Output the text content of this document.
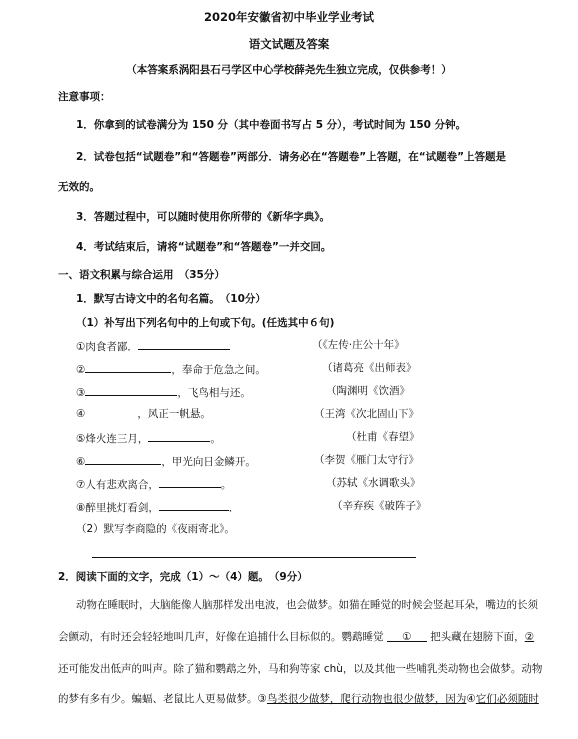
2020年安徽省初中毕业学业考试
语文试题及答案
（本答案系涡阳县石弓学区中心学校薛尧先生独立完成，仅供参考！）
注意事项：
1．你拿到的试卷满分为 150 分（其中卷面书写占 5 分），考试时间为 150 分钟。
2．试卷包括“试题卷”和“答题卷”两部分．请务必在“答题卷”上答题，在“试题卷”上答题是
无效的。
3．答题过程中，可以随时使用你所带的《新华字典》。
4．考试结束后，请将“试题卷”和“答题卷”一并交回。
一、语文积累与综合运用　（35分）
1．默写古诗文中的名句名篇。　（10分）
（1）补写出下列名句中的上句或下句。(任选其中６句)
①肉食者鄙．	（《左传·庄公十年》
②	，奉命于危急之间。	（诸葛亮《出师表》
③	，飞鸟相与还。	（陶渊明《饮酒》
④	，风正一帆悬。	（王湾《次北固山下》
⑤烽火连三月，	。	（杜甫《春望》
⑥	，甲光向日金鳞开。	（李贺《雁门太守行》
⑦人有悲欢离合，	。	（苏轼《水调歌头》
⑧醉里挑灯看剑，	．	（辛弃疾《破阵子》
（2）默写李商隐的《夜雨寄北》。
2．阅读下面的文字，完成（1）～（4）题。　（9分）
动物在睡眠时，大脑能像人脑那样发出电波，也会做梦。如猫在睡觉的时候会竖起耳朵，嘴边的长须
会颤动，有时还会轻轻地叫几声，好像在追捕什么目标似的。鹦鹉睡觉 ① 把头藏在翅膀下面，②
还可能发出低声的叫声。除了猫和鹦鹉之外，马和狗等家 chù，以及其他一些哺乳类动物也会做梦。动物
的梦有多有少。蝙蝠、老鼠比人更易做梦。③鸟类很少做梦，爬行动物也很少做梦，因为④它们必须随时
